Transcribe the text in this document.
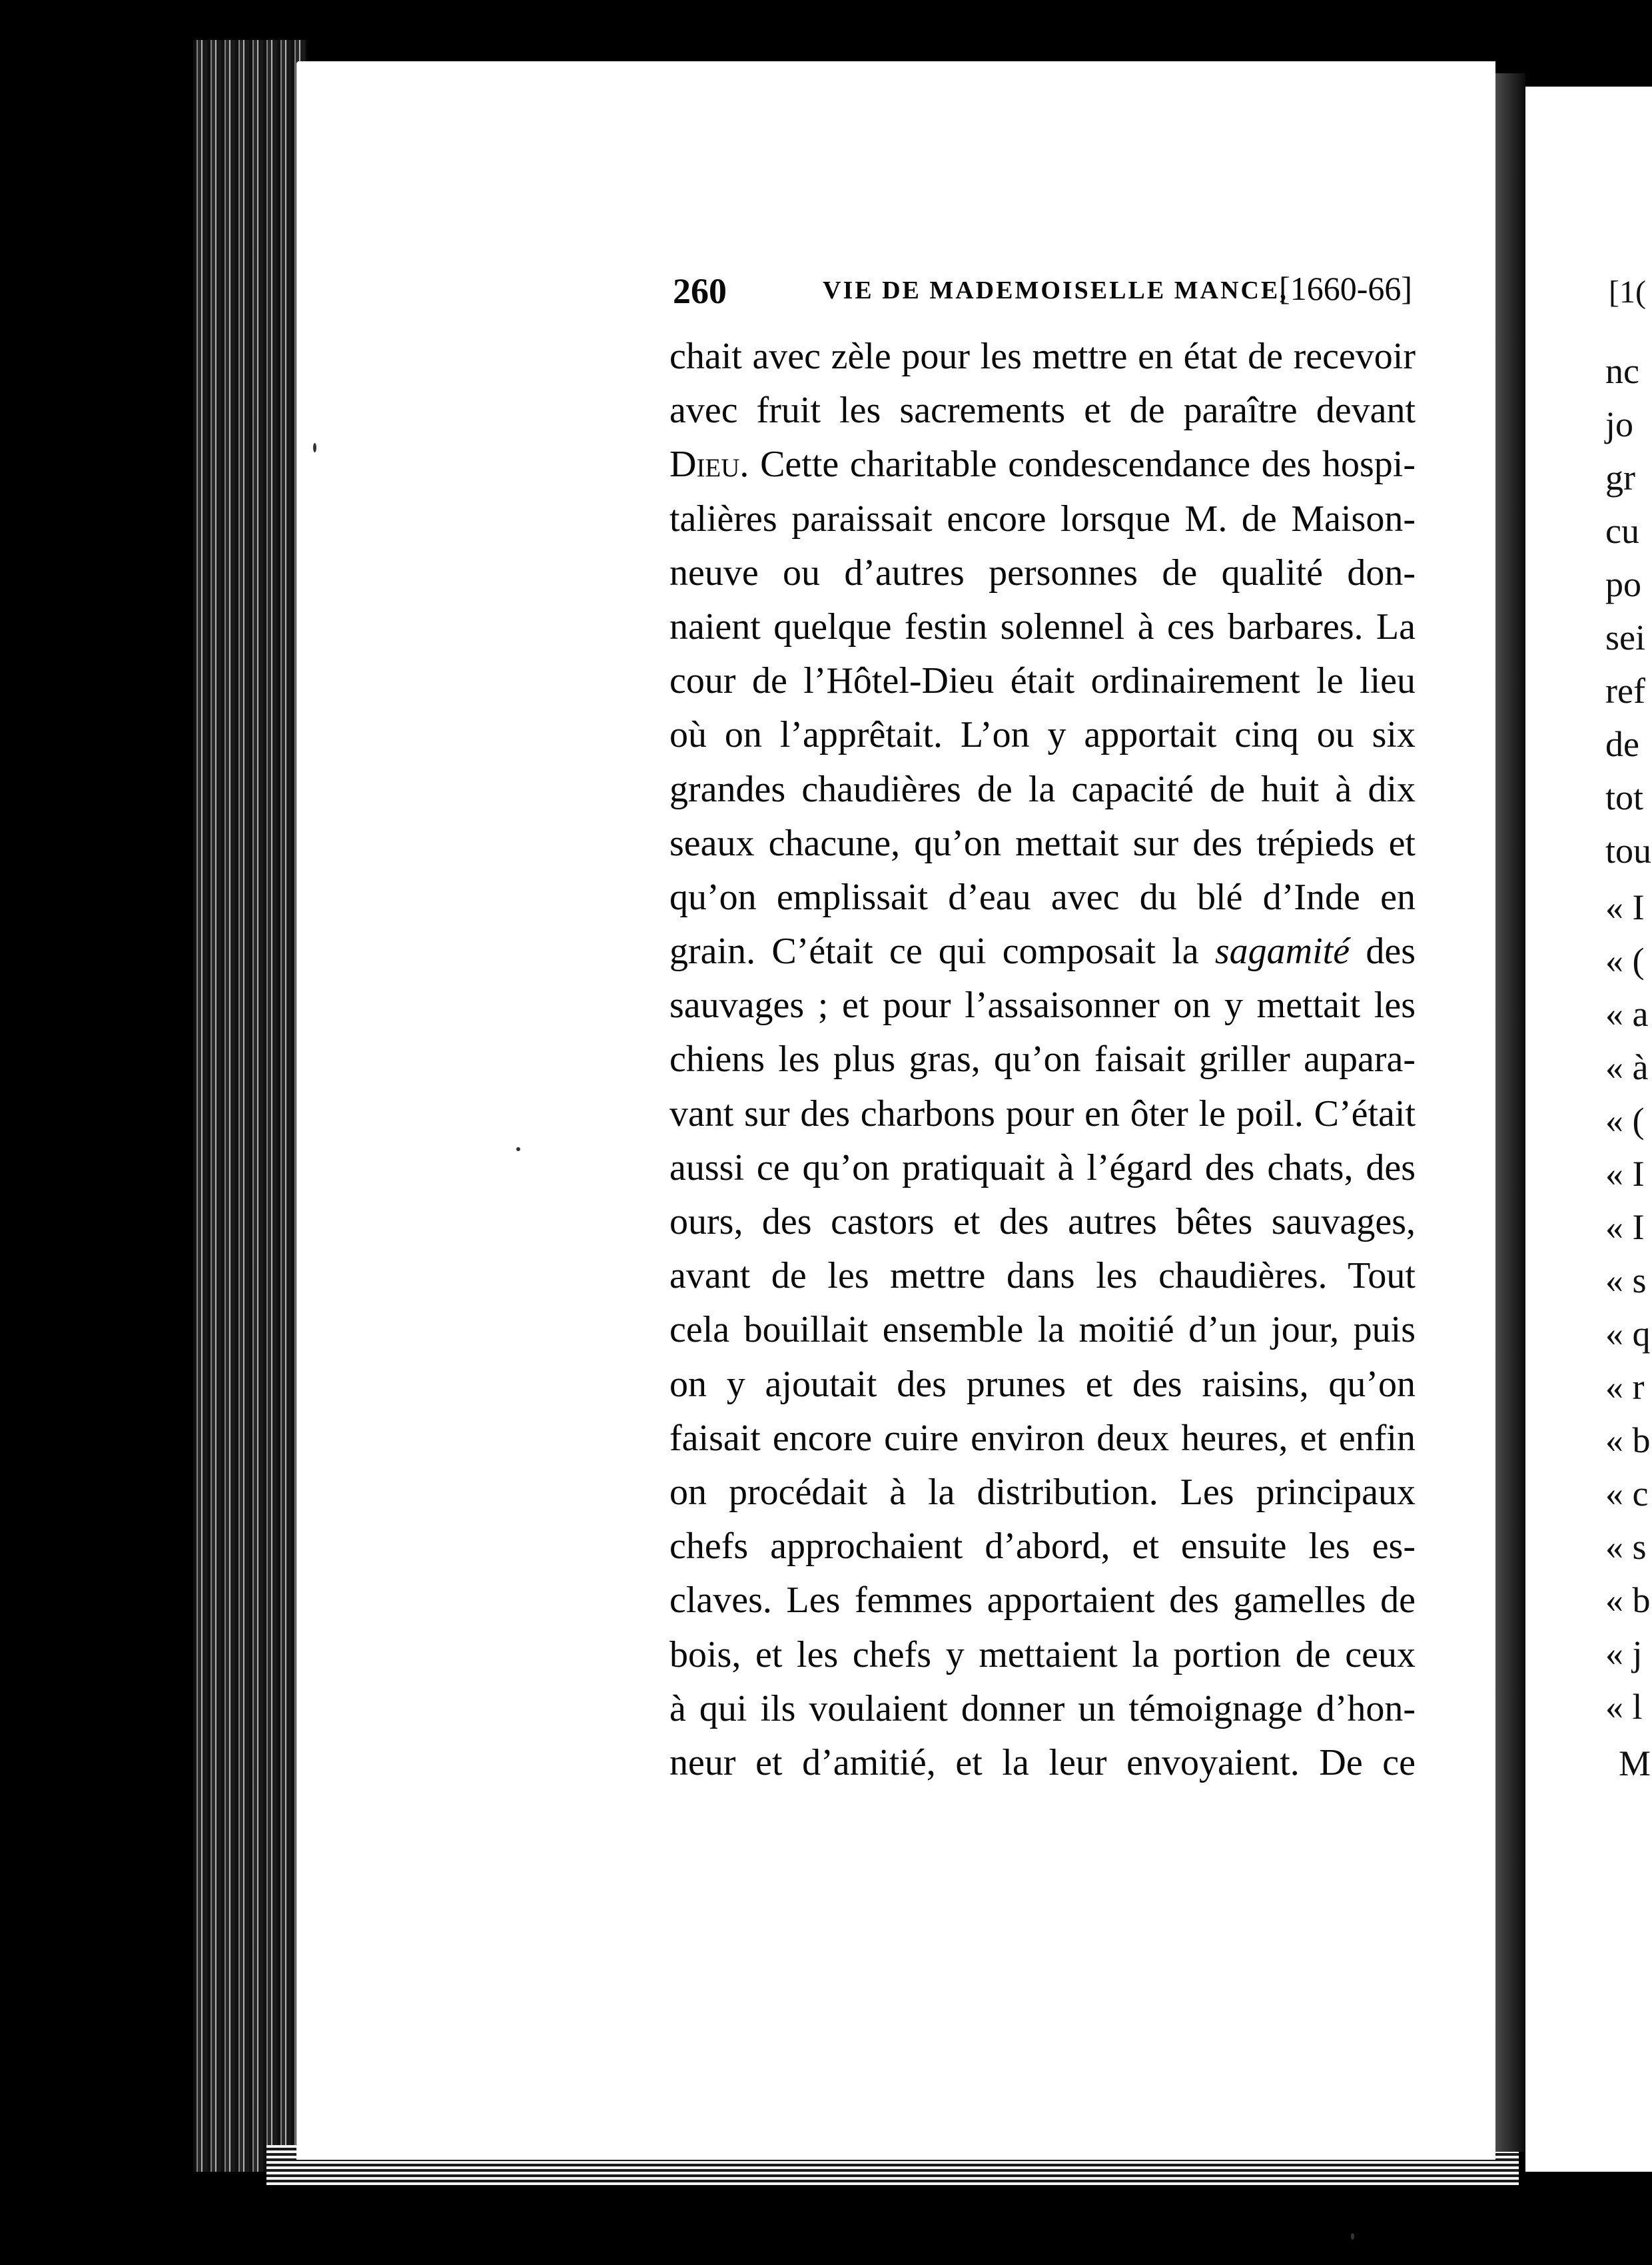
260	VIE DE MADEMOISELLE MANCE,
[1660-66]
chait avec zèle pour les mettre en état de recevoir
avec fruit les sacrements et de paraître devant
Dieu. Cette charitable condescendance des hospi-
talières paraissait encore lorsque M. de Maison-
neuve ou d’autres personnes de qualité don-
naient quelque festin solennel à ces barbares. La
cour de l’Hôtel-Dieu était ordinairement le lieu
où on l’apprêtait. L’on y apportait cinq ou six
grandes chaudières de la capacité de huit à dix
seaux chacune, qu’on mettait sur des trépieds et
qu’on emplissait d’eau avec du blé d’Inde en
grain. C’était ce qui composait la sagamité des
sauvages ; et pour l’assaisonner on y mettait les
chiens les plus gras, qu’on faisait griller aupara-
vant sur des charbons pour en ôter le poil. C’était
aussi ce qu’on pratiquait à l’égard des chats, des
ours, des castors et des autres bêtes sauvages,
avant de les mettre dans les chaudières. Tout
cela bouillait ensemble la moitié d’un jour, puis
on y ajoutait des prunes et des raisins, qu’on
faisait encore cuire environ deux heures, et enfin
on procédait à la distribution. Les principaux
chefs approchaient d’abord, et ensuite les es-
claves. Les femmes apportaient des gamelles de
bois, et les chefs y mettaient la portion de ceux
à qui ils voulaient donner un témoignage d’hon-
neur et d’amitié, et la leur envoyaient. De ce
[1(
nc
jo
gr
cu
po
sei
ref
de
tot
tou
« I
« (
« a
« à
« (
« I
« I
« s
« q
« r
« b
« c
« s
« b
« j
« l
M
